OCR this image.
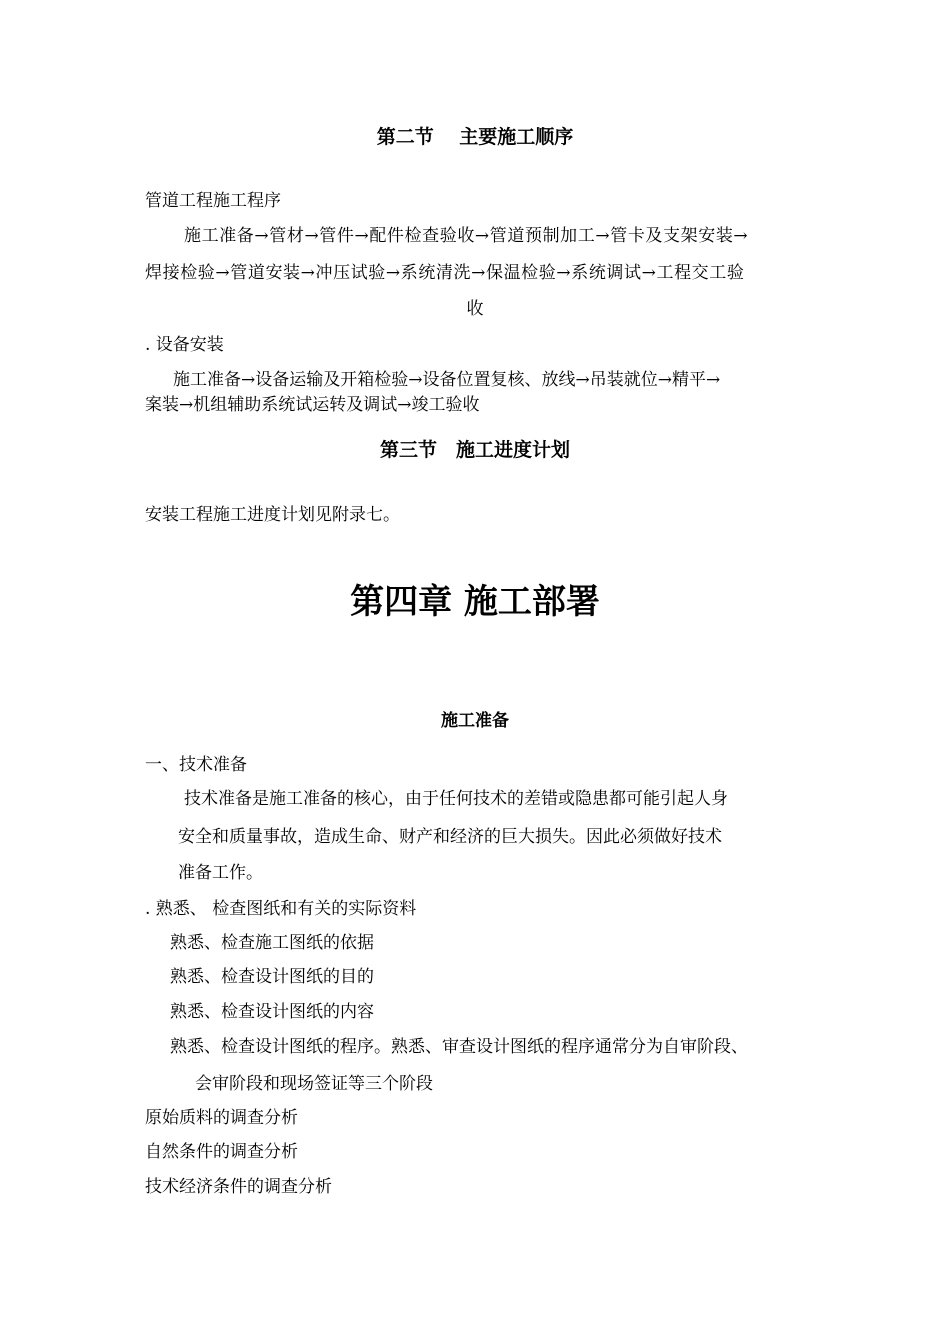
第二节　 主要施工顺序
管道工程施工程序
施工准备→管材→管件→配件检查验收→管道预制加工→管卡及支架安装→
焊接检验→管道安装→冲压试验→系统清洗→保温检验→系统调试→工程交工验
收
. 设备安装
施工准备→设备运输及开箱检验→设备位置复核、放线→吊装就位→精平→
案装→机组辅助系统试运转及调试→竣工验收
第三节　施工进度计划
安装工程施工进度计划见附录七。
第四章 施工部署
施工准备
一、技术准备
技术准备是施工准备的核心，由于任何技术的差错或隐患都可能引起人身
安全和质量事故，造成生命、财产和经济的巨大损失。因此必须做好技术
准备工作。
. 熟悉、 检查图纸和有关的实际资料
熟悉、检查施工图纸的依据
熟悉、检查设计图纸的目的
熟悉、检查设计图纸的内容
熟悉、检查设计图纸的程序。熟悉、审查设计图纸的程序通常分为自审阶段、
会审阶段和现场签证等三个阶段
原始质料的调查分析
自然条件的调查分析
技术经济条件的调查分析
